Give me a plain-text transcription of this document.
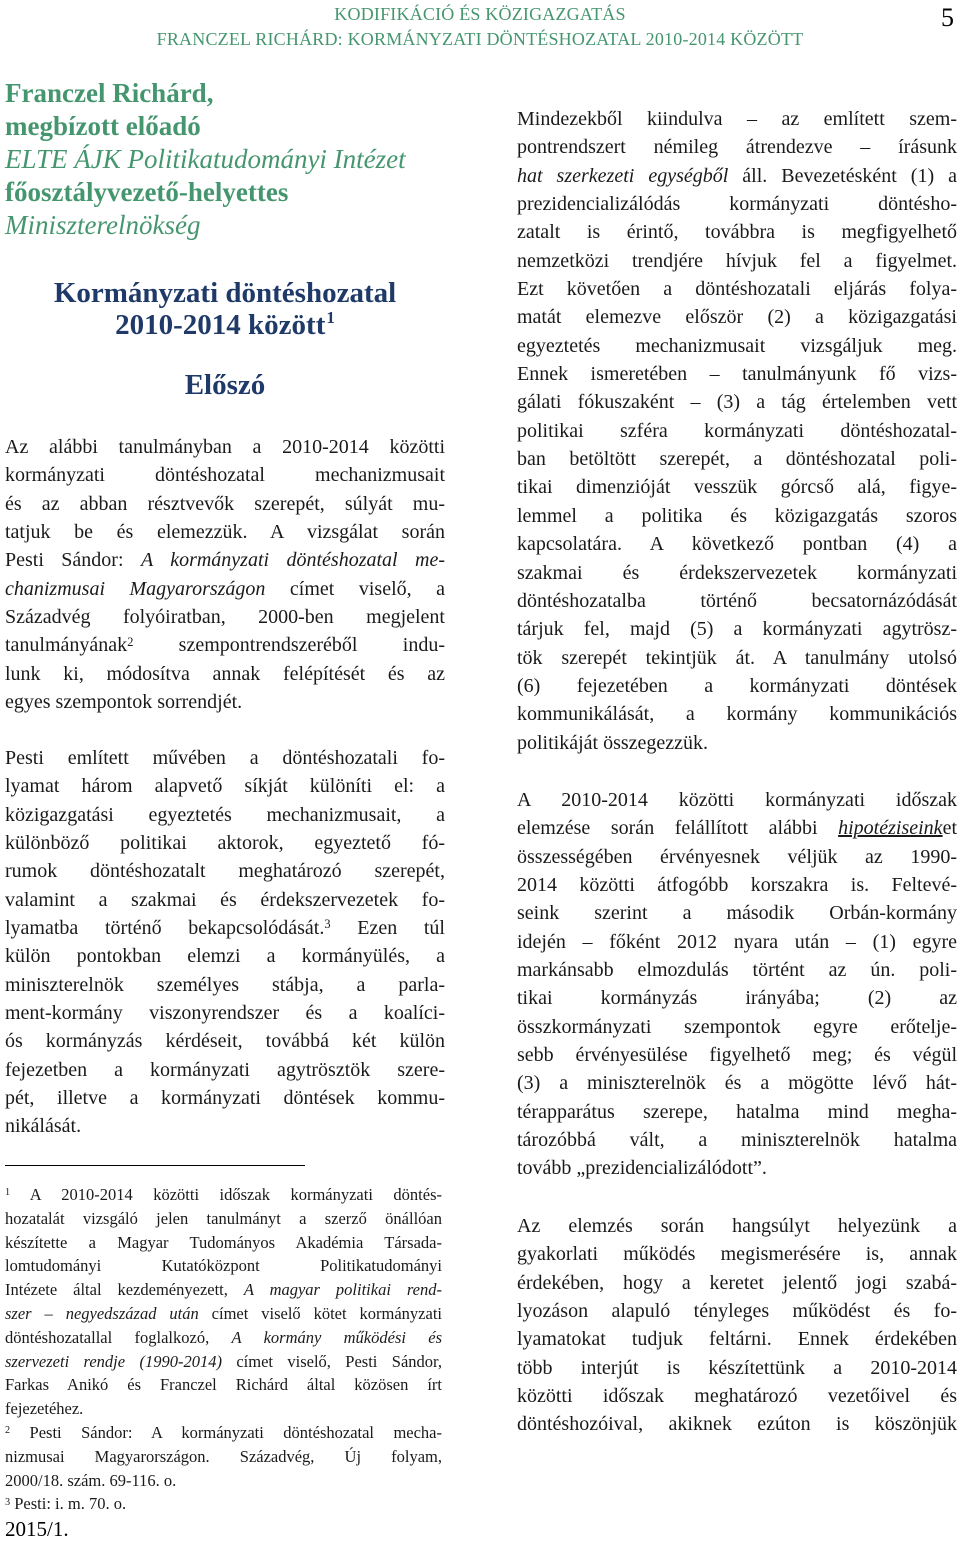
KODIFIKÁCIÓ ÉS KÖZIGAZGATÁS
FRANCZEL RICHÁRD: KORMÁNYZATI DÖNTÉSHOZATAL 2010-2014 KÖZÖTT
5
Franczel Richárd,
megbízott előadó
ELTE ÁJK Politikatudományi Intézet
főosztályvezető-helyettes
Miniszterelnökség
Kormányzati döntéshozatal
2010-2014 között$^1$
Előszó
Az alábbi tanulmányban a 2010-2014 közötti
kormányzati döntéshozatal mechanizmusait
és az abban résztvevők szerepét, súlyát mu-
tatjuk be és elemezzük. A vizsgálat során
Pesti Sándor: A kormányzati döntéshozatal me-
chanizmusai Magyarországon címet viselő, a
Századvég folyóiratban, 2000-ben megjelent
tanulmányának$^2$ szempontrendszeréből indu-
lunk ki, módosítva annak felépítését és az
egyes szempontok sorrendjét.
Pesti említett művében a döntéshozatali fo-
lyamat három alapvető síkját különíti el: a
közigazgatási egyeztetés mechanizmusait, a
különböző politikai aktorok, egyeztető fó-
rumok döntéshozatalt meghatározó szerepét,
valamint a szakmai és érdekszervezetek fo-
lyamatba történő bekapcsolódását.$^3$ Ezen túl
külön pontokban elemzi a kormányülés, a
miniszterelnök személyes stábja, a parla-
ment-kormány viszonyrendszer és a koalíci-
ós kormányzás kérdéseit, továbbá két külön
fejezetben a kormányzati agytrösztök szere-
pét, illetve a kormányzati döntések kommu-
nikálását.
$^1$ A 2010-2014 közötti időszak kormányzati döntés-
hozatalát vizsgáló jelen tanulmányt a szerző önállóan
készítette a Magyar Tudományos Akadémia Társada-
lomtudományi Kutatóközpont Politikatudományi
Intézete által kezdeményezett, A magyar politikai rend-
szer – negyedszázad után címet viselő kötet kormányzati
döntéshozatallal foglalkozó, A kormány működési és
szervezeti rendje (1990-2014) címet viselő, Pesti Sándor,
Farkas Anikó és Franczel Richárd által közösen írt
fejezetéhez.
$^2$ Pesti Sándor: A kormányzati döntéshozatal mecha-
nizmusai Magyarországon. Századvég, Új folyam,
2000/18. szám. 69-116. o.
$^3$ Pesti: i. m. 70. o.
Mindezekből kiindulva – az említett szem-
pontrendszert némileg átrendezve – írásunk
hat szerkezeti egységből áll. Bevezetésként (1) a
prezidencializálódás kormányzati döntésho-
zatalt is érintő, továbbra is megfigyelhető
nemzetközi trendjére hívjuk fel a figyelmet.
Ezt követően a döntéshozatali eljárás folya-
matát elemezve először (2) a közigazgatási
egyeztetés mechanizmusait vizsgáljuk meg.
Ennek ismeretében – tanulmányunk fő vizs-
gálati fókuszaként – (3) a tág értelemben vett
politikai szféra kormányzati döntéshozatal-
ban betöltött szerepét, a döntéshozatal poli-
tikai dimenzióját vesszük górcső alá, figye-
lemmel a politika és közigazgatás szoros
kapcsolatára. A következő pontban (4) a
szakmai és érdekszervezetek kormányzati
döntéshozatalba történő becsatornázódását
tárjuk fel, majd (5) a kormányzati agytrösz-
tök szerepét tekintjük át. A tanulmány utolsó
(6) fejezetében a kormányzati döntések
kommunikálását, a kormány kommunikációs
politikáját összegezzük.
A 2010-2014 közötti kormányzati időszak
elemzése során felállított alábbi hipotéziseinket
összességében érvényesnek véljük az 1990-
2014 közötti átfogóbb korszakra is. Feltevé-
seink szerint a második Orbán-kormány
idején – főként 2012 nyara után – (1) egyre
markánsabb elmozdulás történt az ún. poli-
tikai kormányzás irányába; (2) az
összkormányzati szempontok egyre erőtelje-
sebb érvényesülése figyelhető meg; és végül
(3) a miniszterelnök és a mögötte lévő hát-
térapparátus szerepe, hatalma mind megha-
tározóbbá vált, a miniszterelnök hatalma
tovább „prezidencializálódott”.
Az elemzés során hangsúlyt helyezünk a
gyakorlati működés megismerésére is, annak
érdekében, hogy a keretet jelentő jogi szabá-
lyozáson alapuló tényleges működést és fo-
lyamatokat tudjuk feltárni. Ennek érdekében
több interjút is készítettünk a 2010-2014
közötti időszak meghatározó vezetőivel és
döntéshozóival, akiknek ezúton is köszönjük
2015/1.
